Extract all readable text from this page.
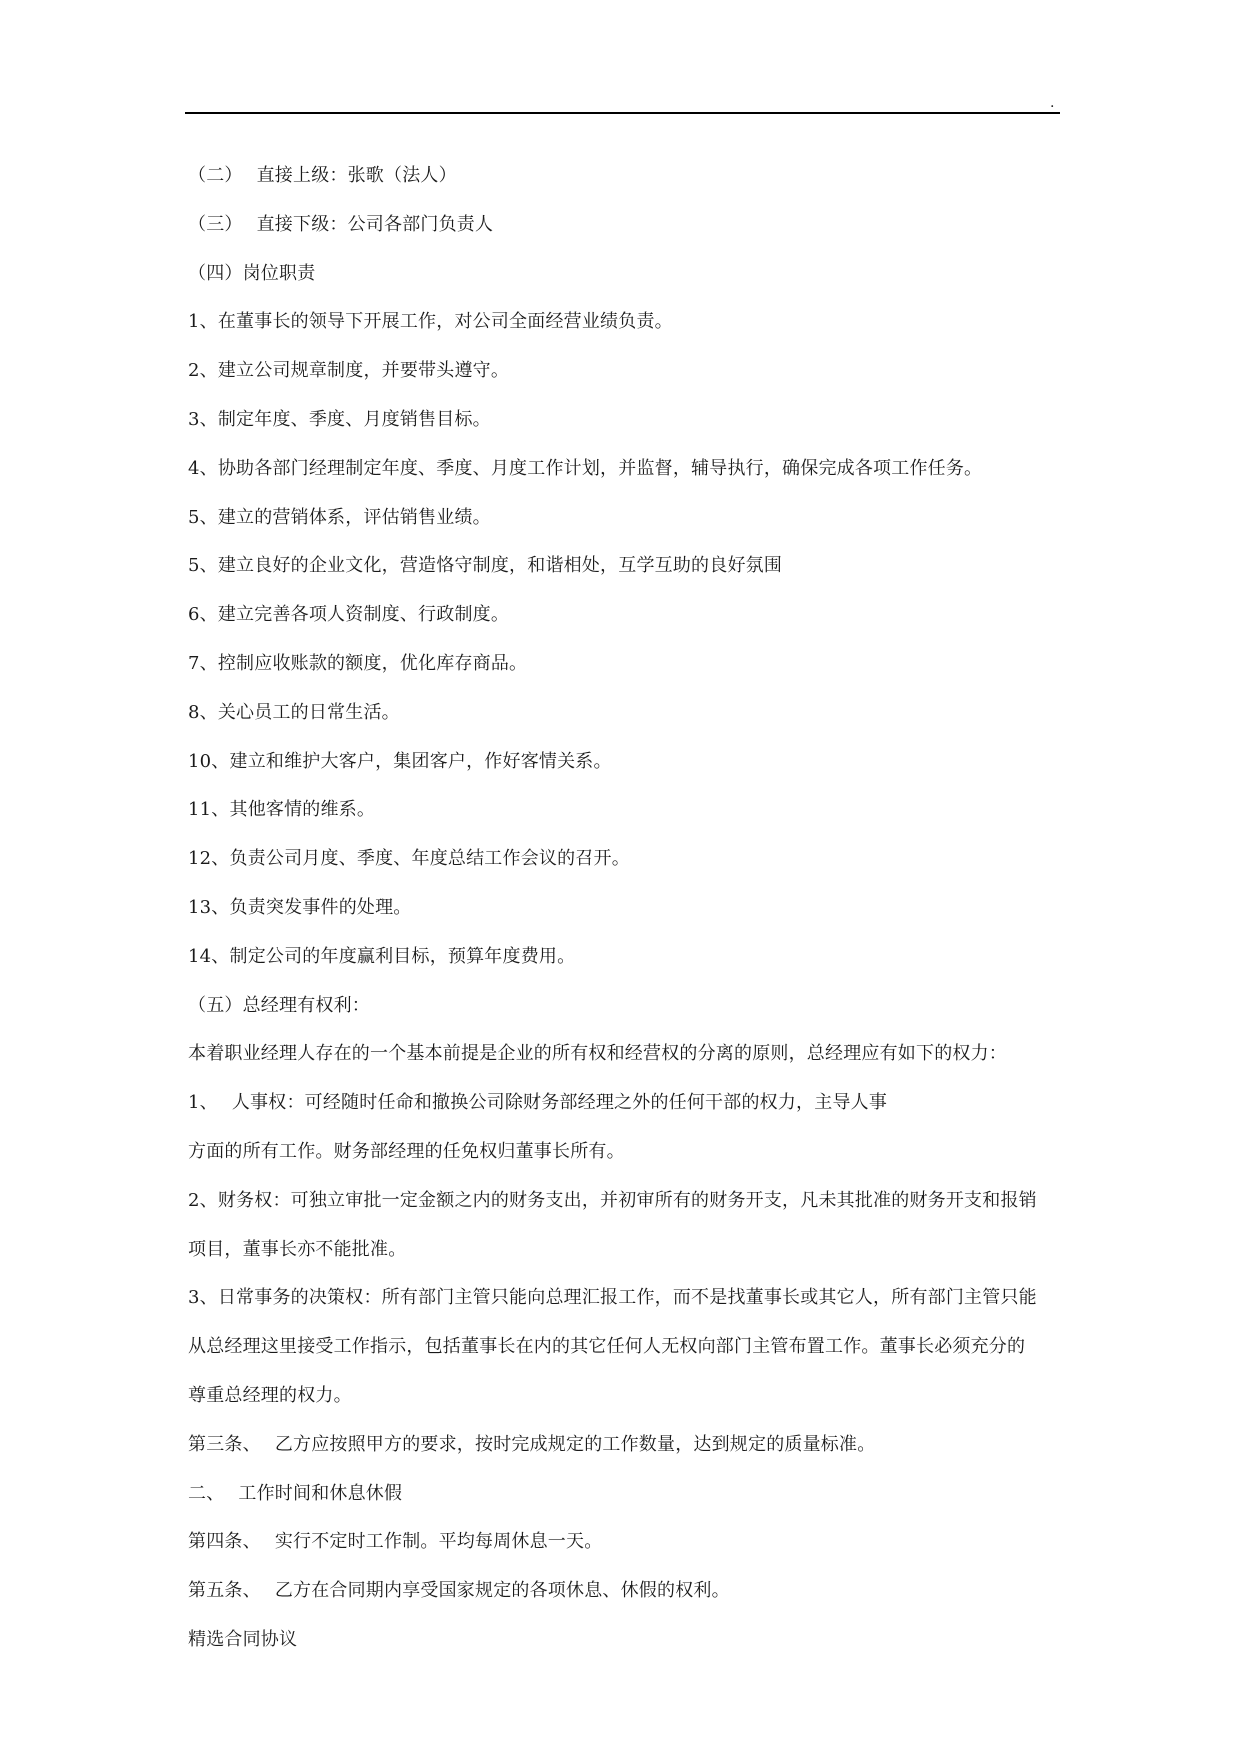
.
（二） 直接上级：张歌（法人）
（三） 直接下级：公司各部门负责人
（四）岗位职责
1、在董事长的领导下开展工作，对公司全面经营业绩负责。
2、建立公司规章制度，并要带头遵守。
3、制定年度、季度、月度销售目标。
4、协助各部门经理制定年度、季度、月度工作计划，并监督，辅导执行，确保完成各项工作任务。
5、建立的营销体系，评估销售业绩。
5、建立良好的企业文化，营造恪守制度，和谐相处，互学互助的良好氛围
6、建立完善各项人资制度、行政制度。
7、控制应收账款的额度，优化库存商品。
8、关心员工的日常生活。
10、建立和维护大客户，集团客户，作好客情关系。
11、其他客情的维系。
12、负责公司月度、季度、年度总结工作会议的召开。
13、负责突发事件的处理。
14、制定公司的年度赢利目标，预算年度费用。
（五）总经理有权利：
本着职业经理人存在的一个基本前提是企业的所有权和经营权的分离的原则，总经理应有如下的权力：
1、 人事权：可经随时任命和撤换公司除财务部经理之外的任何干部的权力，主导人事
方面的所有工作。财务部经理的任免权归董事长所有。
2、财务权：可独立审批一定金额之内的财务支出，并初审所有的财务开支，凡未其批准的财务开支和报销
项目，董事长亦不能批准。
3、日常事务的决策权：所有部门主管只能向总理汇报工作，而不是找董事长或其它人，所有部门主管只能
从总经理这里接受工作指示，包括董事长在内的其它任何人无权向部门主管布置工作。董事长必须充分的
尊重总经理的权力。
第三条、 乙方应按照甲方的要求，按时完成规定的工作数量，达到规定的质量标准。
二、 工作时间和休息休假
第四条、 实行不定时工作制。平均每周休息一天。
第五条、 乙方在合同期内享受国家规定的各项休息、休假的权利。
精选合同协议
